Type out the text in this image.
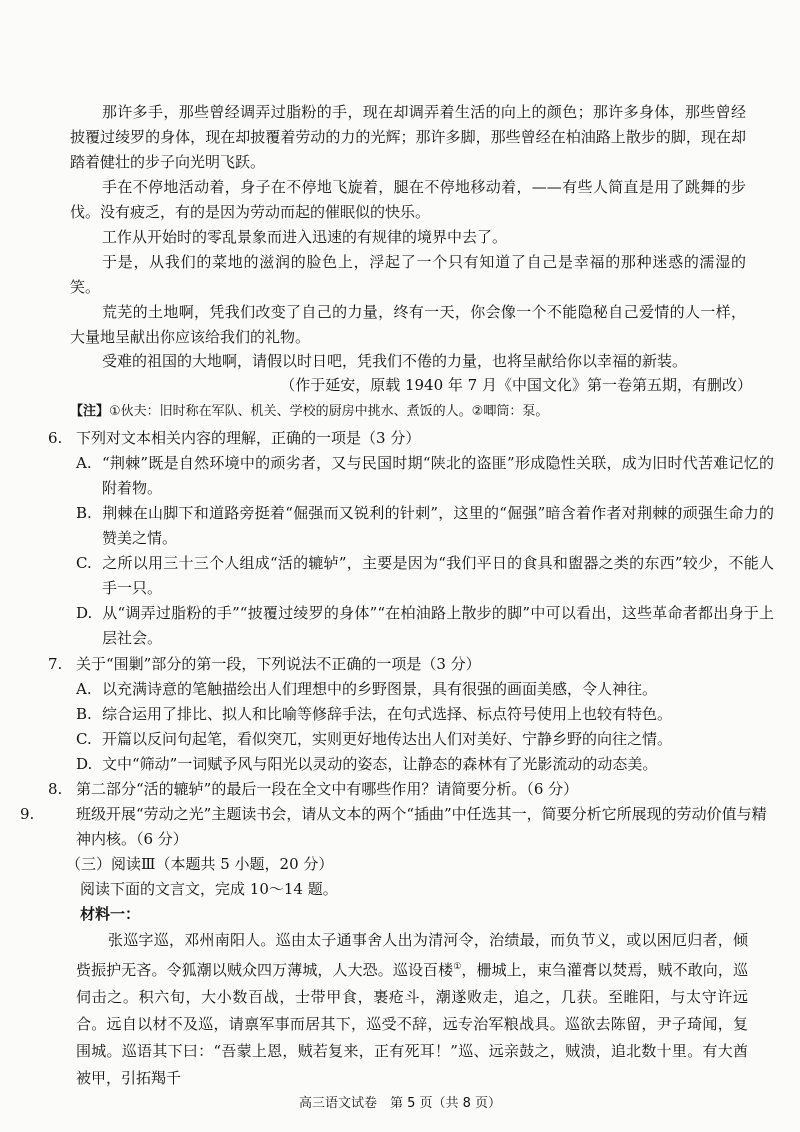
那许多手，那些曾经调弄过脂粉的手，现在却调弄着生活的向上的颜色；那许多身体，那些曾经披覆过绫罗的身体，现在却披覆着劳动的力的光辉；那许多脚，那些曾经在柏油路上散步的脚，现在却踏着健壮的步子向光明飞跃。

手在不停地活动着，身子在不停地飞旋着，腿在不停地移动着，——有些人简直是用了跳舞的步伐。没有疲乏，有的是因为劳动而起的催眠似的快乐。

工作从开始时的零乱景象而进入迅速的有规律的境界中去了。

于是，从我们的菜地的滋润的脸色上，浮起了一个只有知道了自己是幸福的那种迷惑的濡湿的笑。

荒芜的土地啊，凭我们改变了自己的力量，终有一天，你会像一个不能隐秘自己爱情的人一样，大量地呈献出你应该给我们的礼物。

受难的祖国的大地啊，请假以时日吧，凭我们不倦的力量，也将呈献给你以幸福的新装。

（作于延安，原载 1940 年 7 月《中国文化》第一卷第五期，有删改）

【注】①伙夫：旧时称在军队、机关、学校的厨房中挑水、煮饭的人。②唧筒：泵。

6. 下列对文本相关内容的理解，正确的一项是（3 分）

A. “荆棘”既是自然环境中的顽劣者，又与民国时期“陕北的盗匪”形成隐性关联，成为旧时代苦难记忆的附着物。

B. 荆棘在山脚下和道路旁挺着“倔强而又锐利的针刺”，这里的“倔强”暗含着作者对荆棘的顽强生命力的赞美之情。

C. 之所以用三十三个人组成“活的辘轳”，主要是因为“我们平日的食具和盥器之类的东西”较少，不能人手一只。

D. 从“调弄过脂粉的手”“披覆过绫罗的身体”“在柏油路上散步的脚”中可以看出，这些革命者都出身于上层社会。

7. 关于“围剿”部分的第一段，下列说法不正确的一项是（3 分）

A. 以充满诗意的笔触描绘出人们理想中的乡野图景，具有很强的画面美感，令人神往。

B. 综合运用了排比、拟人和比喻等修辞手法，在句式选择、标点符号使用上也较有特色。

C. 开篇以反问句起笔，看似突兀，实则更好地传达出人们对美好、宁静乡野的向往之情。

D. 文中“筛动”一词赋予风与阳光以灵动的姿态，让静态的森林有了光影流动的动态美。

8. 第二部分“活的辘轳”的最后一段在全文中有哪些作用？请简要分析。（6 分）

9.	班级开展“劳动之光”主题读书会，请从文本的两个“插曲”中任选其一，简要分析它所展现的劳动价值与精神内核。（6 分）

（三）阅读Ⅲ（本题共 5 小题，20 分）

阅读下面的文言文，完成 10～14 题。

材料一：

张巡字巡，邓州南阳人。巡由太子通事舍人出为清河令，治绩最，而负节义，或以困厄归者，倾赀振护无吝。令狐潮以贼众四万薄城，人大恐。巡设百楼①，栅城上，束刍灌膏以焚焉，贼不敢向，巡伺击之。积六旬，大小数百战，士带甲食，裹疮斗，潮遂败走，追之，几获。至睢阳，与太守许远合。远自以材不及巡，请禀军事而居其下，巡受不辞，远专治军粮战具。巡欲去陈留，尹子琦闻，复围城。巡语其下曰：“吾蒙上恩，贼若复来，正有死耳！”巡、远亲鼓之，贼溃，追北数十里。有大酋被甲，引拓羯千

高三语文试卷　第 5 页（共 8 页）
